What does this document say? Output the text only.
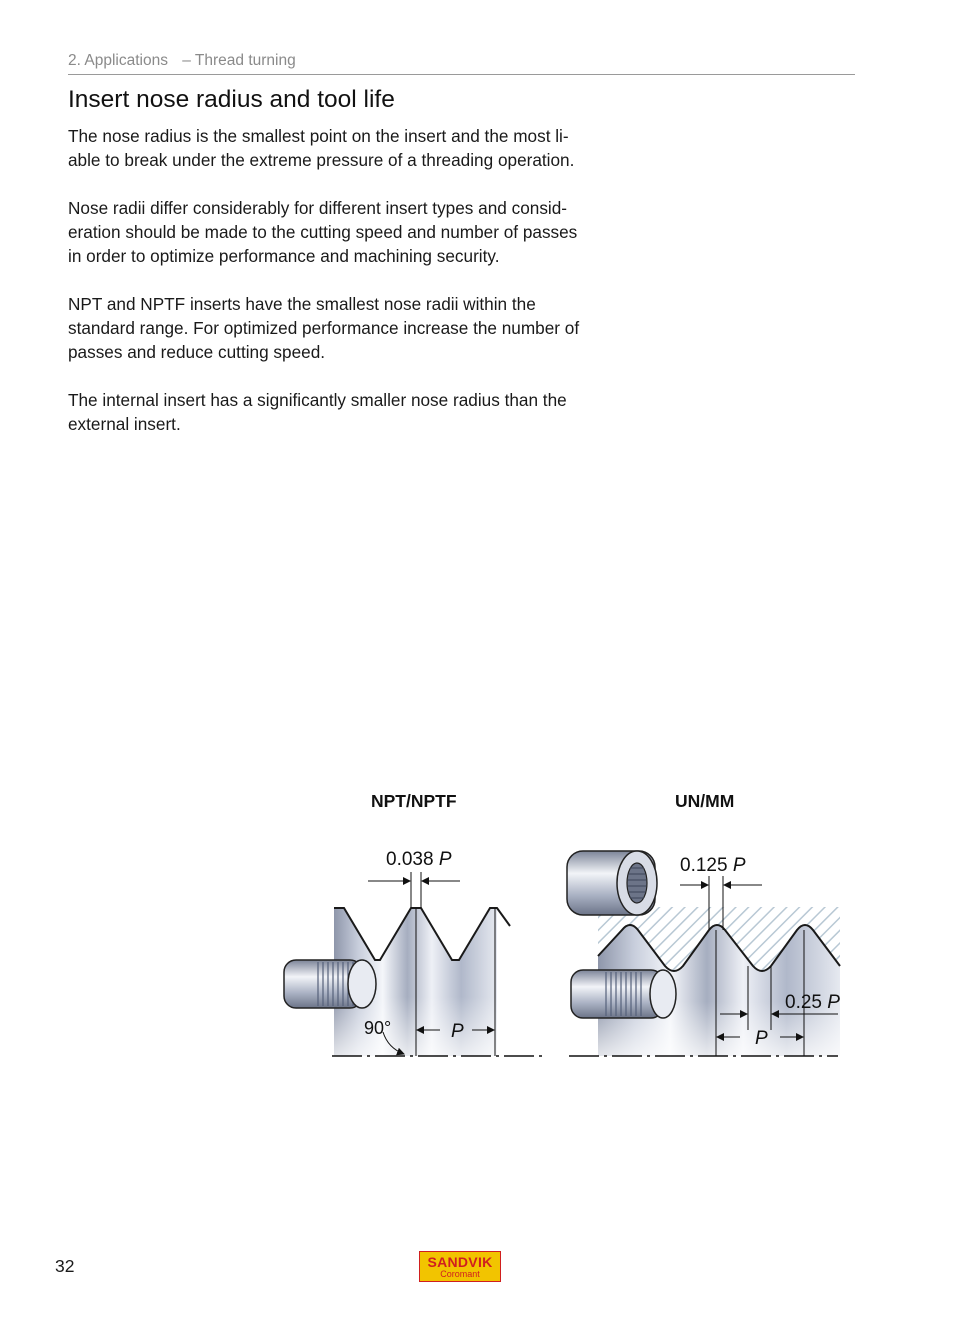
2. Applications – Thread turning
Insert nose radius and tool life

The nose radius is the smallest point on the insert and the most li-
able to break under the extreme pressure of a threading operation.

Nose radii differ considerably for different insert types and consid-
eration should be made to the cutting speed and number of passes
in order to optimize performance and machining security.

NPT and NPTF inserts have the smallest nose radii within the
standard range. For optimized performance increase the number of
passes and reduce cutting speed.

The internal insert has a significantly smaller nose radius than the
external insert.

NPT/NPTF	UN/MM
0.038 P
90°	P
0.125 P
0.25 P
P
32	SANDVIK
Coromant
